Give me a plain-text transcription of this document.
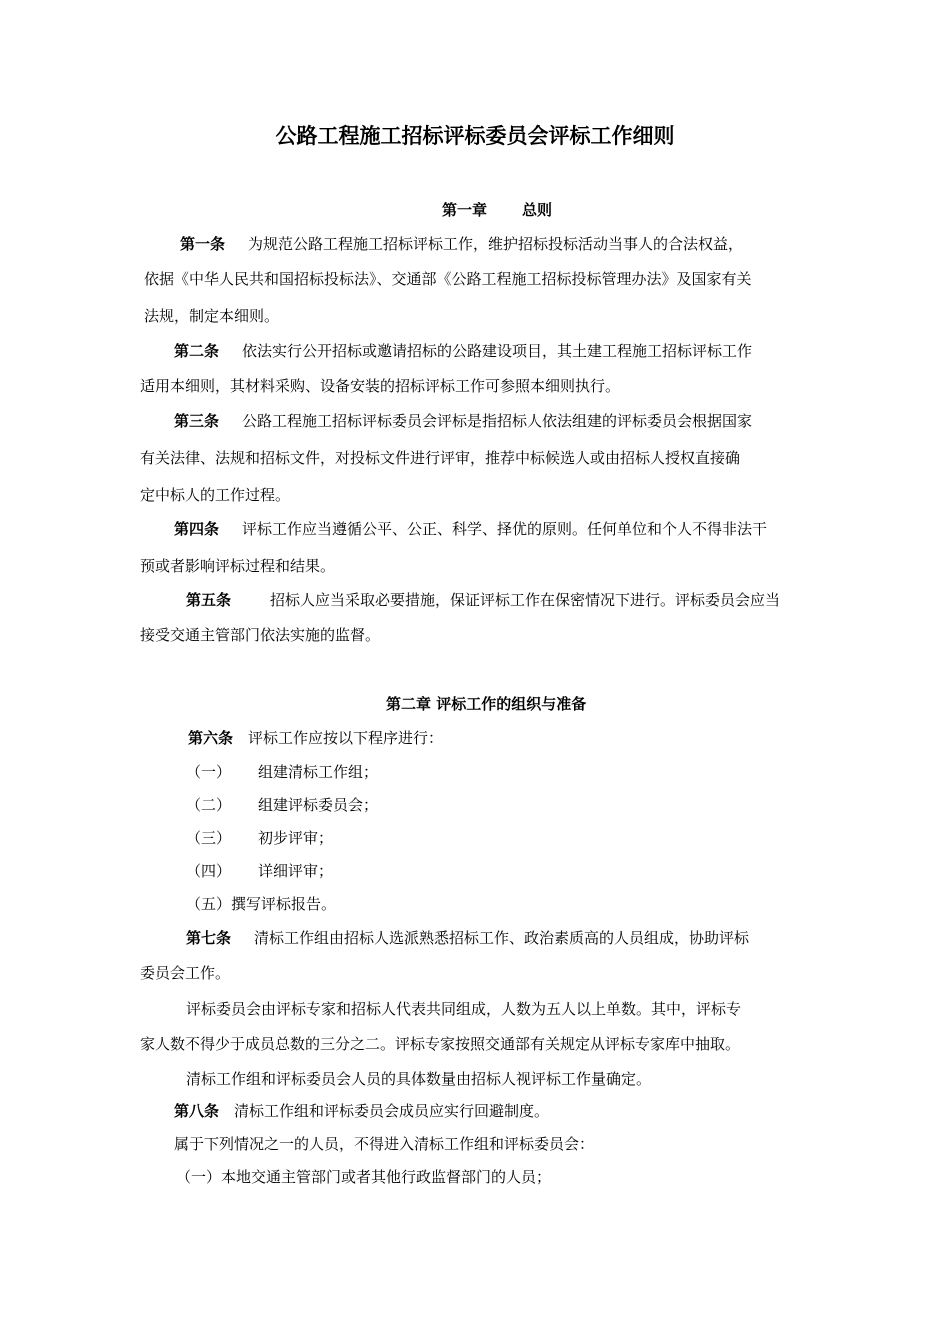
公路工程施工招标评标委员会评标工作细则
第一章 总则
第一条 为规范公路工程施工招标评标工作，维护招标投标活动当事人的合法权益，
依据《中华人民共和国招标投标法》、交通部《公路工程施工招标投标管理办法》及国家有关
法规，制定本细则。
第二条 依法实行公开招标或邀请招标的公路建设项目，其土建工程施工招标评标工作
适用本细则，其材料采购、设备安装的招标评标工作可参照本细则执行。
第三条 公路工程施工招标评标委员会评标是指招标人依法组建的评标委员会根据国家
有关法律、法规和招标文件，对投标文件进行评审，推荐中标候选人或由招标人授权直接确
定中标人的工作过程。
第四条 评标工作应当遵循公平、公正、科学、择优的原则。任何单位和个人不得非法干
预或者影响评标过程和结果。
第五条	招标人应当采取必要措施，保证评标工作在保密情况下进行。评标委员会应当
接受交通主管部门依法实施的监督。
第二章 评标工作的组织与准备
第六条 评标工作应按以下程序进行：
（一） 组建清标工作组；
（二） 组建评标委员会；
（三） 初步评审；
（四） 详细评审；
（五）撰写评标报告。
第七条 清标工作组由招标人选派熟悉招标工作、政治素质高的人员组成，协助评标
委员会工作。
评标委员会由评标专家和招标人代表共同组成，人数为五人以上单数。其中，评标专
家人数不得少于成员总数的三分之二。评标专家按照交通部有关规定从评标专家库中抽取。
清标工作组和评标委员会人员的具体数量由招标人视评标工作量确定。
第八条 清标工作组和评标委员会成员应实行回避制度。
属于下列情况之一的人员，不得进入清标工作组和评标委员会：
（一）本地交通主管部门或者其他行政监督部门的人员；
